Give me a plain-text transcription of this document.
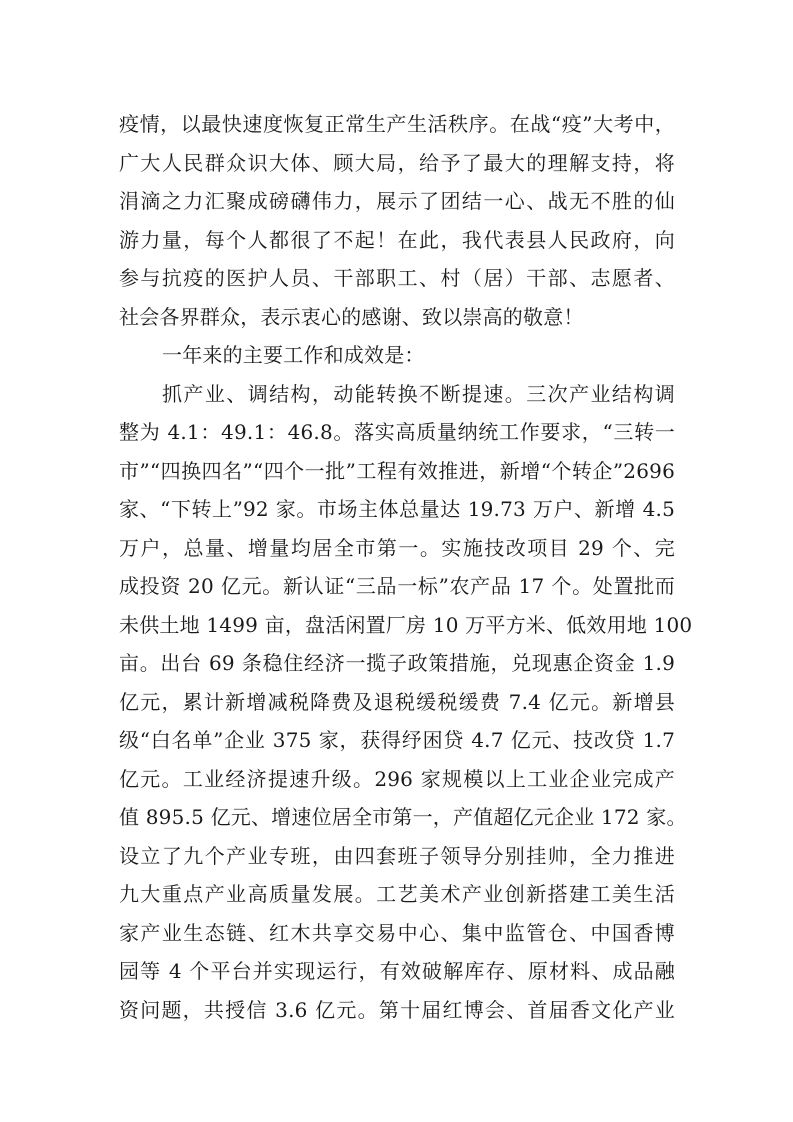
疫情，以最快速度恢复正常生产生活秩序。在战“疫”大考中，
广大人民群众识大体、顾大局，给予了最大的理解支持，将
涓滴之力汇聚成磅礴伟力，展示了团结一心、战无不胜的仙
游力量，每个人都很了不起！在此，我代表县人民政府，向
参与抗疫的医护人员、干部职工、村（居）干部、志愿者、
社会各界群众，表示衷心的感谢、致以崇高的敬意！
一年来的主要工作和成效是：
抓产业、调结构，动能转换不断提速。三次产业结构调
整为 4.1：49.1：46.8。落实高质量纳统工作要求，“三转一
市”“四换四名”“四个一批”工程有效推进，新增“个转企”2696
家、“下转上”92 家。市场主体总量达 19.73 万户、新增 4.5
万户，总量、增量均居全市第一。实施技改项目 29 个、完
成投资 20 亿元。新认证“三品一标”农产品 17 个。处置批而
未供土地 1499 亩，盘活闲置厂房 10 万平方米、低效用地 100
亩。出台 69 条稳住经济一揽子政策措施，兑现惠企资金 1.9
亿元，累计新增减税降费及退税缓税缓费 7.4 亿元。新增县
级“白名单”企业 375 家，获得纾困贷 4.7 亿元、技改贷 1.7
亿元。工业经济提速升级。296 家规模以上工业企业完成产
值 895.5 亿元、增速位居全市第一，产值超亿元企业 172 家。
设立了九个产业专班，由四套班子领导分别挂帅，全力推进
九大重点产业高质量发展。工艺美术产业创新搭建工美生活
家产业生态链、红木共享交易中心、集中监管仓、中国香博
园等 4 个平台并实现运行，有效破解库存、原材料、成品融
资问题，共授信 3.6 亿元。第十届红博会、首届香文化产业
